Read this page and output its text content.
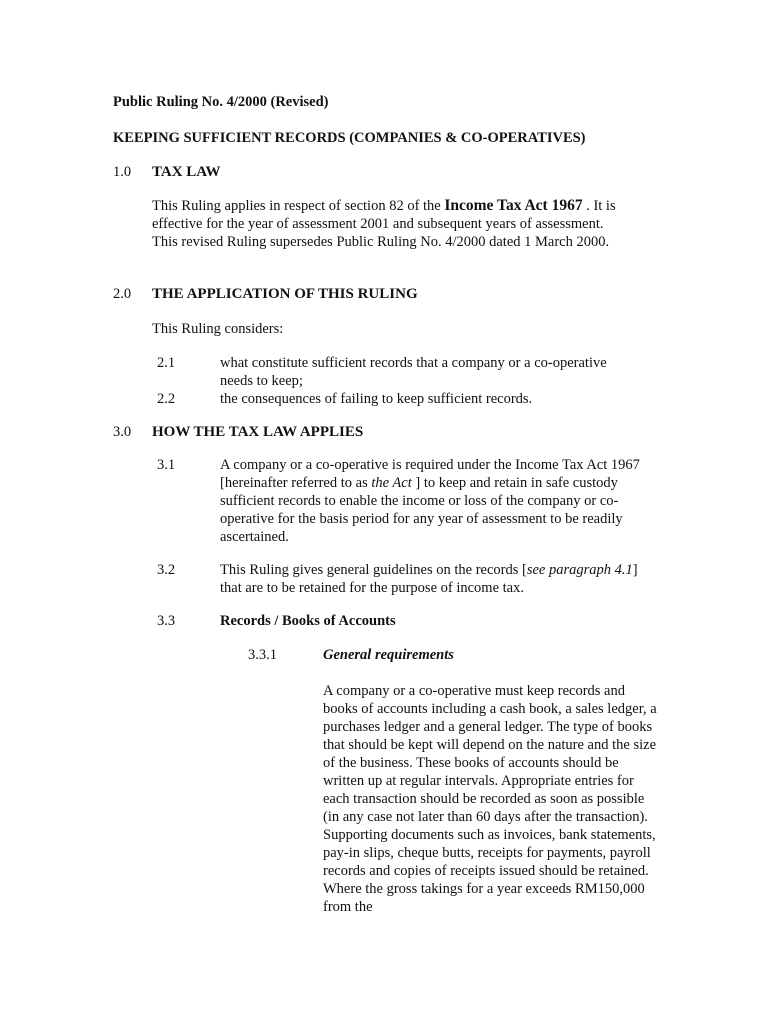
Public Ruling No. 4/2000 (Revised)
KEEPING SUFFICIENT RECORDS (COMPANIES & CO-OPERATIVES)
1.0 TAX LAW

This Ruling applies in respect of section 82 of the Income Tax Act 1967 . It is effective for the year of assessment 2001 and subsequent years of assessment. This revised Ruling supersedes Public Ruling No. 4/2000 dated 1 March 2000.

2.0 THE APPLICATION OF THIS RULING
This Ruling considers:
2.1	what constitute sufficient records that a company or a co-operative needs to keep;
2.2	the consequences of failing to keep sufficient records.
3.0 HOW THE TAX LAW APPLIES
3.1	A company or a co-operative is required under the Income Tax Act 1967 [hereinafter referred to as the Act ] to keep and retain in safe custody sufficient records to enable the income or loss of the company or co-operative for the basis period for any year of assessment to be readily ascertained.

3.2	This Ruling gives general guidelines on the records [see paragraph 4.1] that are to be retained for the purpose of income tax.

3.3	Records / Books of Accounts
3.3.1	General requirements
A company or a co-operative must keep records and books of accounts including a cash book, a sales ledger, a purchases ledger and a general ledger. The type of books that should be kept will depend on the nature and the size of the business. These books of accounts should be written up at regular intervals. Appropriate entries for each transaction should be recorded as soon as possible (in any case not later than 60 days after the transaction). Supporting documents such as invoices, bank statements, pay-in slips, cheque butts, receipts for payments, payroll records and copies of receipts issued should be retained. Where the gross takings for a year exceeds RM150,000 from the
